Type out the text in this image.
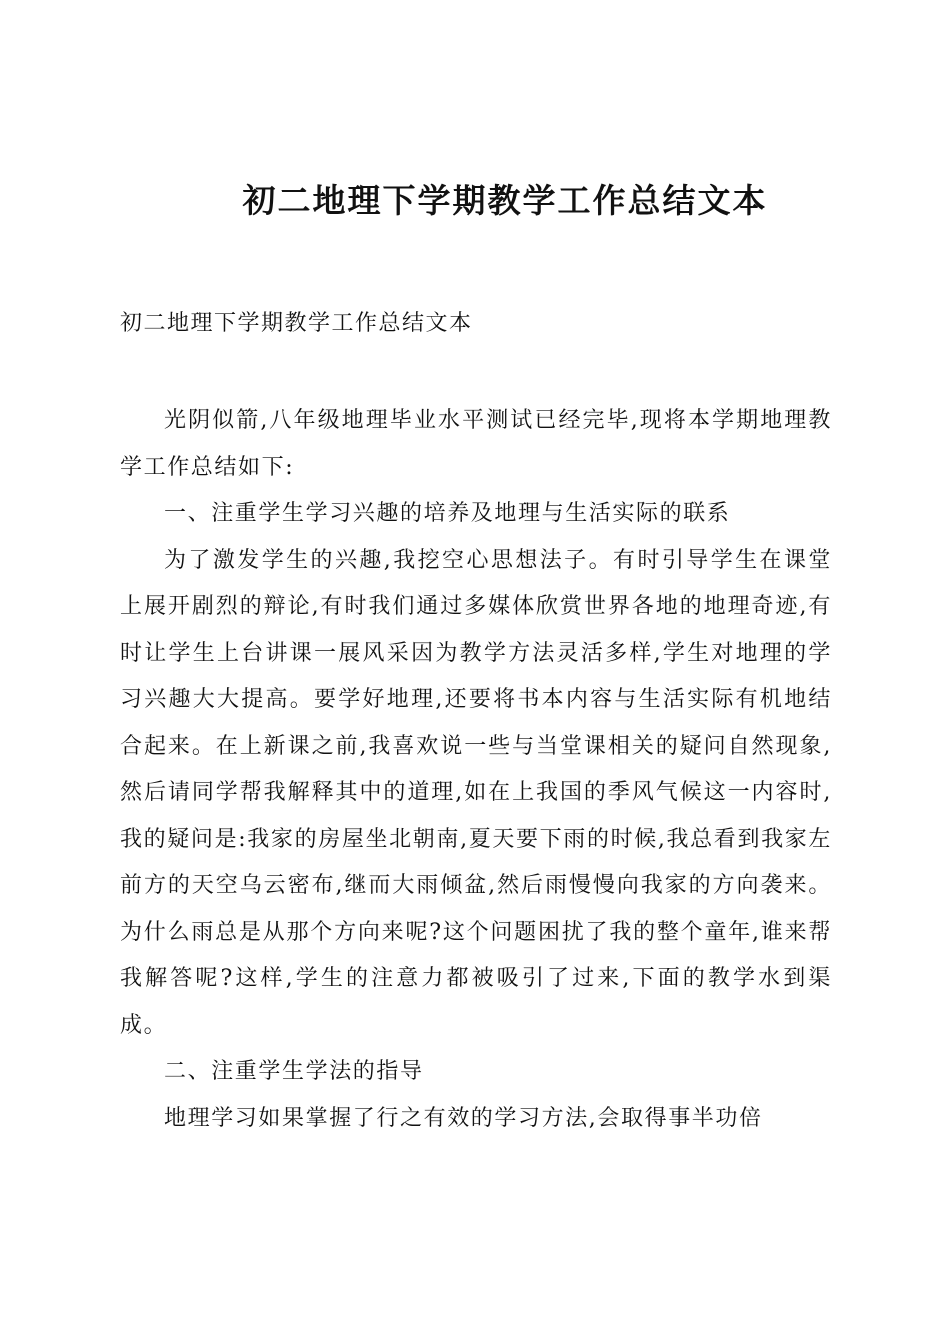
初二地理下学期教学工作总结文本
初二地理下学期教学工作总结文本

光阴似箭,八年级地理毕业水平测试已经完毕,现将本学期地理教学工作总结如下:

一、注重学生学习兴趣的培养及地理与生活实际的联系

为了激发学生的兴趣,我挖空心思想法子。有时引导学生在课堂上展开剧烈的辩论,有时我们通过多媒体欣赏世界各地的地理奇迹,有时让学生上台讲课一展风采因为教学方法灵活多样,学生对地理的学习兴趣大大提高。要学好地理,还要将书本内容与生活实际有机地结合起来。在上新课之前,我喜欢说一些与当堂课相关的疑问自然现象,然后请同学帮我解释其中的道理,如在上我国的季风气候这一内容时,我的疑问是:我家的房屋坐北朝南,夏天要下雨的时候,我总看到我家左前方的天空乌云密布,继而大雨倾盆,然后雨慢慢向我家的方向袭来。为什么雨总是从那个方向来呢?这个问题困扰了我的整个童年,谁来帮我解答呢?这样,学生的注意力都被吸引了过来,下面的教学水到渠成。

二、注重学生学法的指导

地理学习如果掌握了行之有效的学习方法,会取得事半功倍
